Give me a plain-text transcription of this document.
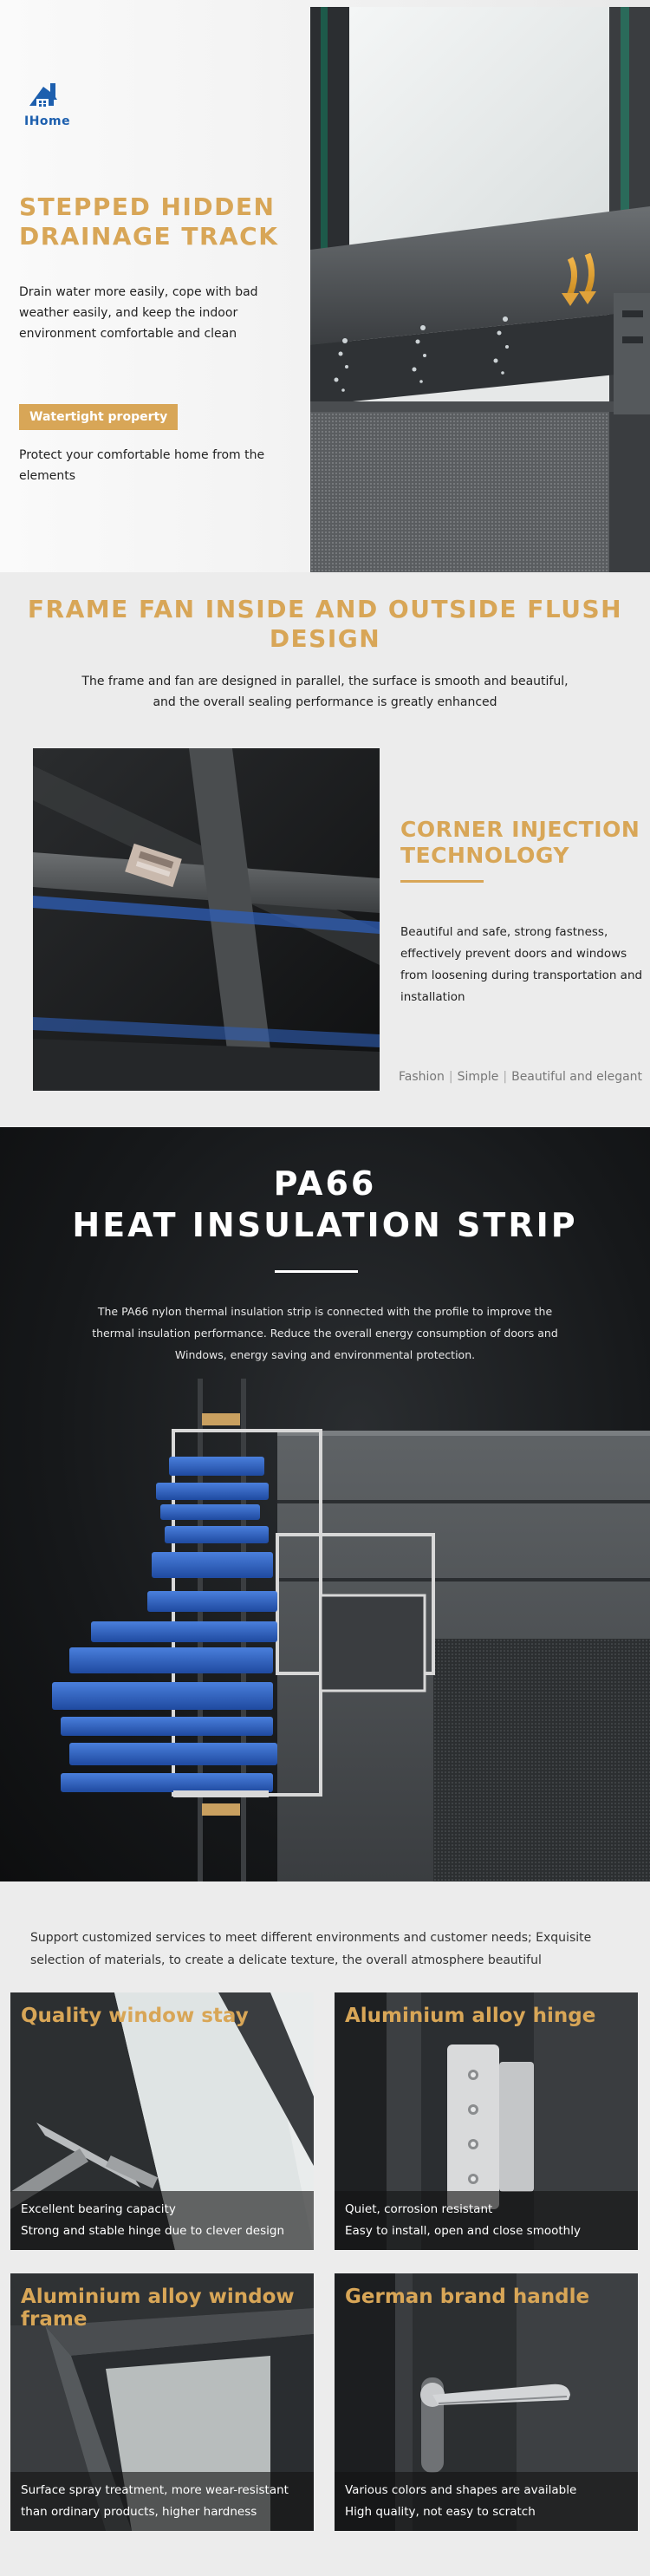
IHome
STEPPED HIDDEN DRAINAGE TRACK
Drain water more easily, cope with bad weather easily, and keep the indoor environment comfortable and clean
Watertight property
Protect your comfortable home from the elements
FRAME FAN INSIDE AND OUTSIDE FLUSH DESIGN
The frame and fan are designed in parallel, the surface is smooth and beautiful, and the overall sealing performance is greatly enhanced
CORNER INJECTION TECHNOLOGY
Beautiful and safe, strong fastness, effectively prevent doors and windows from loosening during transportation and installation
Fashion | Simple | Beautiful and elegant
PA66
HEAT INSULATION STRIP
The PA66 nylon thermal insulation strip is connected with the profile to improve the thermal insulation performance. Reduce the overall energy consumption of doors and Windows, energy saving and environmental protection.
Support customized services to meet different environments and customer needs; Exquisite selection of materials, to create a delicate texture, the overall atmosphere beautiful
Quality window stay
Excellent bearing capacity
Strong and stable hinge due to clever design
Aluminium alloy hinge
Quiet, corrosion resistant
Easy to install, open and close smoothly
Aluminium alloy window frame
Surface spray treatment, more wear-resistant
than ordinary products, higher hardness
German brand handle
Various colors and shapes are available
High quality, not easy to scratch
